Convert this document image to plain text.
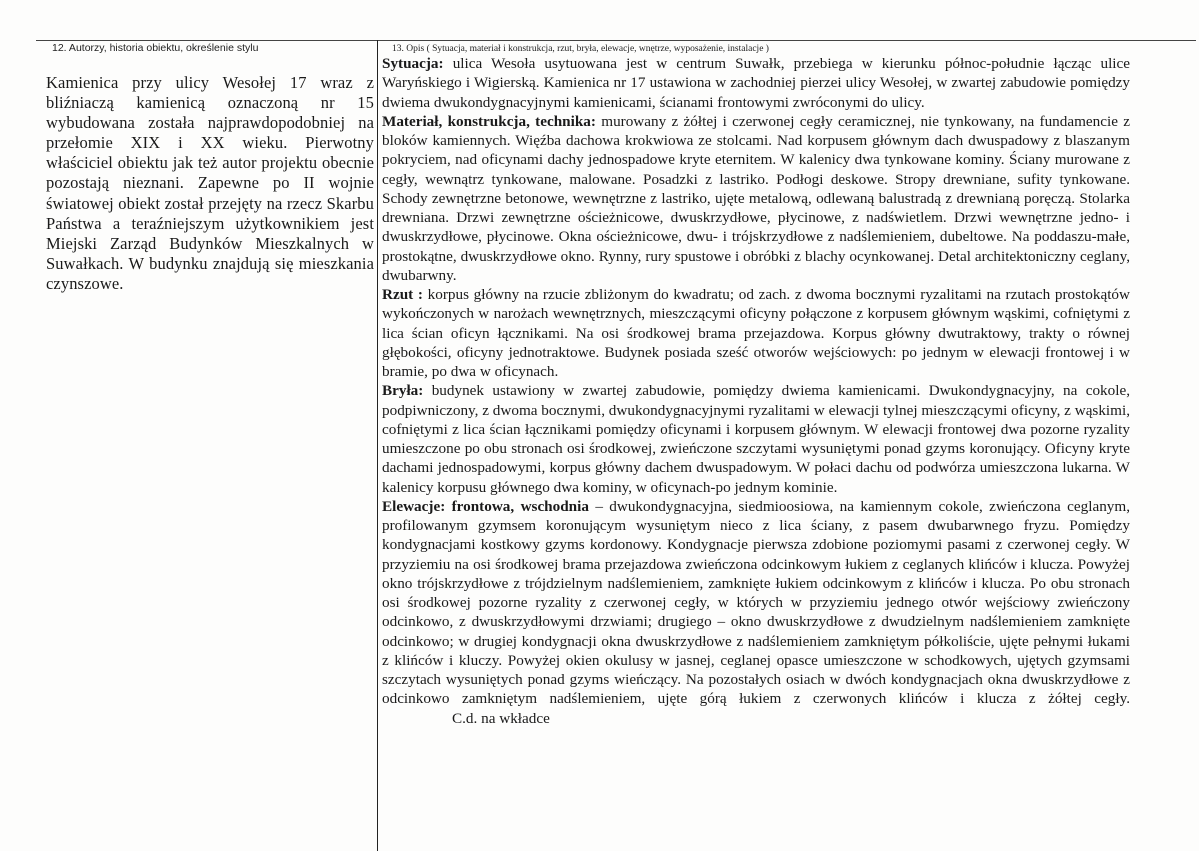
12. Autorzy, historia obiektu, określenie stylu
Kamienica przy ulicy Wesołej 17 wraz z bliźniaczą kamienicą oznaczoną nr 15 wybudowana została najprawdopodobniej na przełomie XIX i XX wieku. Pierwotny właściciel obiektu jak też autor projektu obecnie pozostają nieznani. Zapewne po II wojnie światowej obiekt został przejęty na rzecz Skarbu Państwa a teraźniejszym użytkownikiem jest Miejski Zarząd Budynków Mieszkalnych w Suwałkach. W budynku znajdują się mieszkania czynszowe.
13. Opis ( Sytuacja, materiał i konstrukcja, rzut, bryła, elewacje, wnętrze, wyposażenie, instalacje )

Sytuacja: ulica Wesoła usytuowana jest w centrum Suwałk, przebiega w kierunku północ-południe łącząc ulice Waryńskiego i Wigierską. Kamienica nr 17 ustawiona w zachodniej pierzei ulicy Wesołej, w zwartej zabudowie pomiędzy dwiema dwukondygnacyjnymi kamienicami, ścianami frontowymi zwróconymi do ulicy.

Materiał, konstrukcja, technika: murowany z żółtej i czerwonej cegły ceramicznej, nie tynkowany, na fundamencie z bloków kamiennych. Więźba dachowa krokwiowa ze stolcami. Nad korpusem głównym dach dwuspadowy z blaszanym pokryciem, nad oficynami dachy jednospadowe kryte eternitem. W kalenicy dwa tynkowane kominy. Ściany murowane z cegły, wewnątrz tynkowane, malowane. Posadzki z lastriko. Podłogi deskowe. Stropy drewniane, sufity tynkowane. Schody zewnętrzne betonowe, wewnętrzne z lastriko, ujęte metalową, odlewaną balustradą z drewnianą poręczą. Stolarka drewniana. Drzwi zewnętrzne ościeżnicowe, dwuskrzydłowe, płycinowe, z nadświetlem. Drzwi wewnętrzne jedno- i dwuskrzydłowe, płycinowe. Okna ościeżnicowe, dwu- i trójskrzydłowe z nadślemieniem, dubeltowe. Na poddaszu-małe, prostokątne, dwuskrzydłowe okno. Rynny, rury spustowe i obróbki z blachy ocynkowanej. Detal architektoniczny ceglany, dwubarwny.

Rzut : korpus główny na rzucie zbliżonym do kwadratu; od zach. z dwoma bocznymi ryzalitami na rzutach prostokątów wykończonych w narożach wewnętrznych, mieszczącymi oficyny połączone z korpusem głównym wąskimi, cofniętymi z lica ścian oficyn łącznikami. Na osi środkowej brama przejazdowa. Korpus główny dwutraktowy, trakty o równej głębokości, oficyny jednotraktowe. Budynek posiada sześć otworów wejściowych: po jednym w elewacji frontowej i w bramie, po dwa w oficynach.

Bryła: budynek ustawiony w zwartej zabudowie, pomiędzy dwiema kamienicami. Dwukondygnacyjny, na cokole, podpiwniczony, z dwoma bocznymi, dwukondygnacyjnymi ryzalitami w elewacji tylnej mieszczącymi oficyny, z wąskimi, cofniętymi z lica ścian łącznikami pomiędzy oficynami i korpusem głównym. W elewacji frontowej dwa pozorne ryzality umieszczone po obu stronach osi środkowej, zwieńczone szczytami wysuniętymi ponad gzyms koronujący. Oficyny kryte dachami jednospadowymi, korpus główny dachem dwuspadowym. W połaci dachu od podwórza umieszczona lukarna. W kalenicy korpusu głównego dwa kominy, w oficynach-po jednym kominie.

Elewacje: frontowa, wschodnia – dwukondygnacyjna, siedmioosiowa, na kamiennym cokole, zwieńczona ceglanym, profilowanym gzymsem koronującym wysuniętym nieco z lica ściany, z pasem dwubarwnego fryzu. Pomiędzy kondygnacjami kostkowy gzyms kordonowy. Kondygnacje pierwsza zdobione poziomymi pasami z czerwonej cegły. W przyziemiu na osi środkowej brama przejazdowa zwieńczona odcinkowym łukiem z ceglanych klińców i klucza. Powyżej okno trójskrzydłowe z trójdzielnym nadślemieniem, zamknięte łukiem odcinkowym z klińców i klucza. Po obu stronach osi środkowej pozorne ryzality z czerwonej cegły, w których w przyziemiu jednego otwór wejściowy zwieńczony odcinkowo, z dwuskrzydłowymi drzwiami; drugiego – okno dwuskrzydłowe z dwudzielnym nadślemieniem zamknięte odcinkowo; w drugiej kondygnacji okna dwuskrzydłowe z nadślemieniem zamkniętym półkoliście, ujęte pełnymi łukami z klińców i kluczy. Powyżej okien okulusy w jasnej, ceglanej opasce umieszczone w schodkowych, ujętych gzymsami szczytach wysuniętych ponad gzyms wieńczący. Na pozostałych osiach w dwóch kondygnacjach okna dwuskrzydłowe z odcinkowo zamkniętym nadślemieniem, ujęte górą łukiem z czerwonych klińców i klucza z żółtej cegły.C.d. na wkładce
